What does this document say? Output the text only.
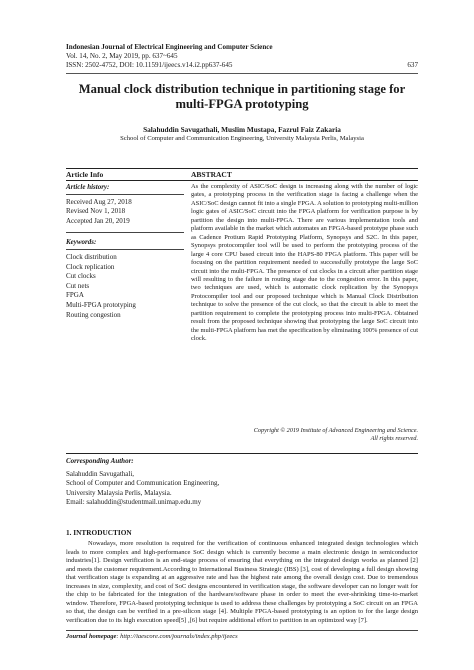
Indonesian Journal of Electrical Engineering and Computer Science
Vol. 14, No. 2, May 2019, pp. 637~645
ISSN: 2502-4752, DOI: 10.11591/ijeecs.v14.i2.pp637-645	637
Manual clock distribution technique in partitioning stage for multi-FPGA prototyping
Salahuddin Savugathali, Muslim Mustapa, Fazrul Faiz Zakaria
School of Computer and Communication Engineering, University Malaysia Perlis, Malaysia
Article Info	ABSTRACT
Article history:
Received Aug 27, 2018
Revised Nov 1, 2018
Accepted Jan 20, 2019
Keywords:
Clock distribution
Clock replication
Cut clocks
Cut nets
FPGA
Multi-FPGA prototyping
Routing congestion
As the complexity of ASIC/SoC design is increasing along with the number of logic gates, a prototyping process in the verification stage is facing a challenge when the ASIC/SoC design cannot fit into a single FPGA. A solution to prototyping multi-million logic gates of ASIC/SoC circuit into the FPGA platform for verification purpose is by partition the design into multi-FPGA. There are various implementation tools and platform available in the market which automates an FPGA-based prototype phase such as Cadence Protium Rapid Prototyping Platform, Synopsys and S2C. In this paper, Synopsys protocompiler tool will be used to perform the prototyping process of the large 4 core CPU based circuit into the HAPS-80 FPGA platform. This paper will be focusing on the partition requirement needed to successfully prototype the large SoC circuit into the multi-FPGA. The presence of cut clocks in a circuit after partition stage will resulting to the failure in routing stage due to the congestion error. In this paper, two techniques are used, which is automatic clock replication by the Synopsys Protocompiler tool and our proposed technique which is Manual Clock Distribution technique to solve the presence of the cut clock, so that the circuit is able to meet the partition requirement to complete the prototyping process into multi-FPGA. Obtained result from the proposed technique showing that prototyping the large SoC circuit into the multi-FPGA platform has met the specification by eliminating 100% presence of cut clock.
Copyright © 2019 Institute of Advanced Engineering and Science.
All rights reserved.
Corresponding Author:
Salahuddin Savugathali,
School of Computer and Communication Engineering,
University Malaysia Perlis, Malaysia.
Email: salahuddin@studentmail.unimap.edu.my
1. INTRODUCTION
Nowadays, more resolution is required for the verification of continuous enhanced integrated design technologies which leads to more complex and high-performance SoC design which is currently become a main electronic design in semiconductor industries[1]. Design verification is an end-stage process of ensuring that everything on the integrated design works as planned [2] and meets the customer requirement.According to International Business Strategic (IBS) [3], cost of developing a full design showing that verification stage is expanding at an aggressive rate and has the highest rate among the overall design cost. Due to tremendous increases in size, complexity, and cost of SoC designs encountered in verification stage, the software developer can no longer wait for the chip to be fabricated for the integration of the hardware/software phase in order to meet the ever-shrinking time-to-market window. Therefore, FPGA-based prototyping technique is used to address these challenges by prototyping a SoC circuit on an FPGA so that, the design can be verified in a pre-silicon stage [4]. Multiple FPGA-based prototyping is an option to for the large design verification due to its high execution speed[5] ,[6] but require additional effort to partition in an optimized way [7].
Journal homepage: http://iaescore.com/journals/index.php/ijeecs
